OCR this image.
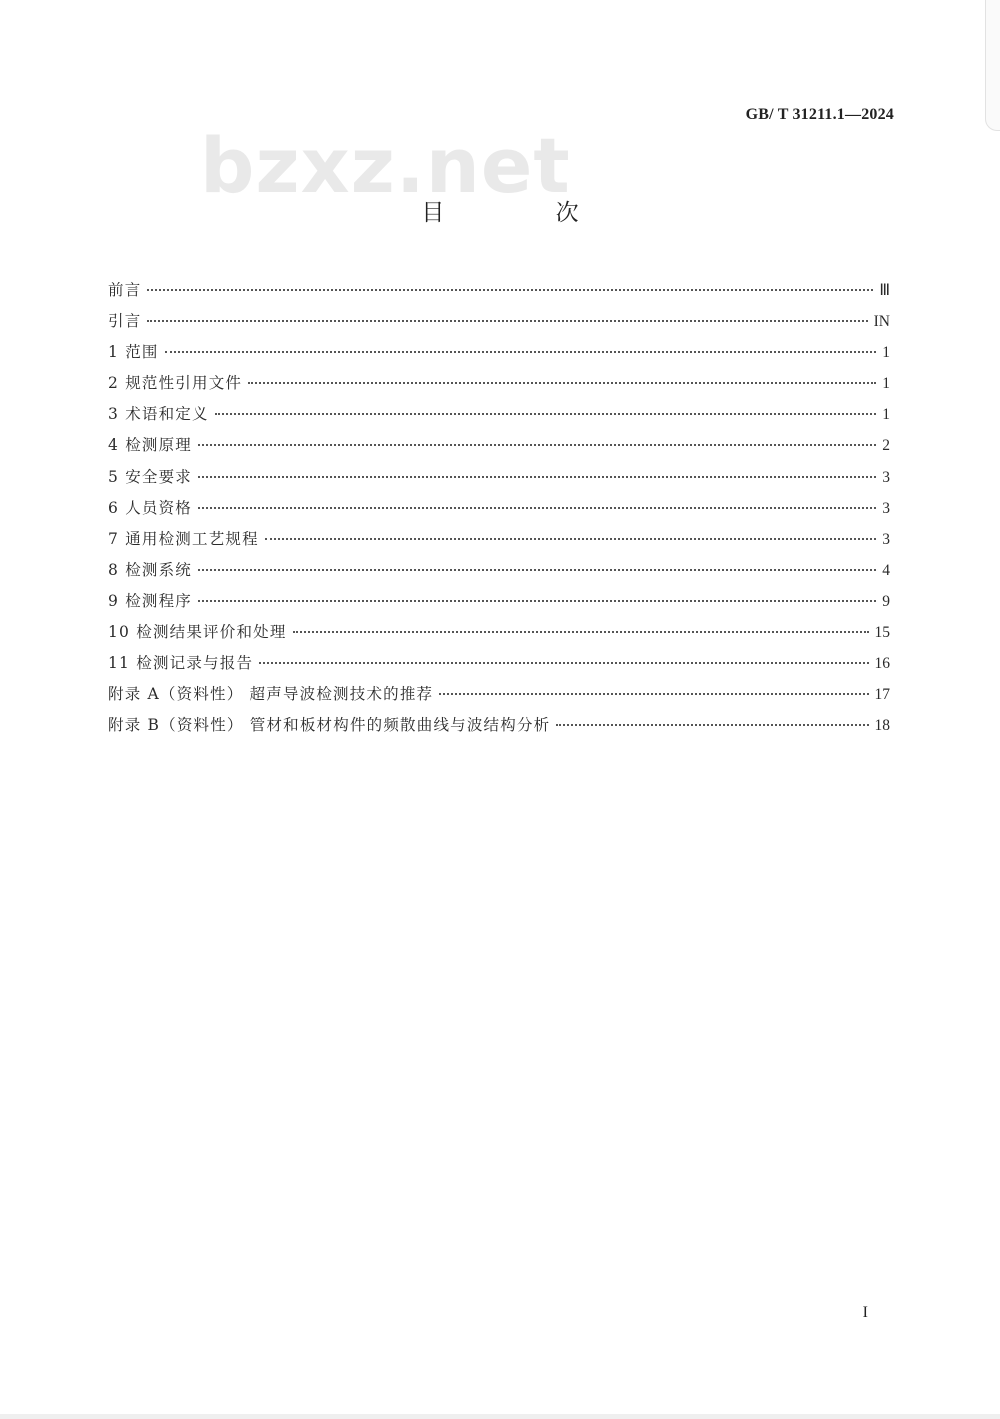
bzxz.net
GB/ T 31211.1—2024
目 次
前言	Ⅲ
引言	IN
1 范围	1
2 规范性引用文件	1
3 术语和定义	1
4 检测原理	2
5 安全要求	3
6 人员资格	3
7 通用检测工艺规程	3
8 检测系统	4
9 检测程序	9
10 检测结果评价和处理	15
11 检测记录与报告	16
附录 A（资料性） 超声导波检测技术的推荐	17
附录 B（资料性） 管材和板材构件的频散曲线与波结构分析	18
I
